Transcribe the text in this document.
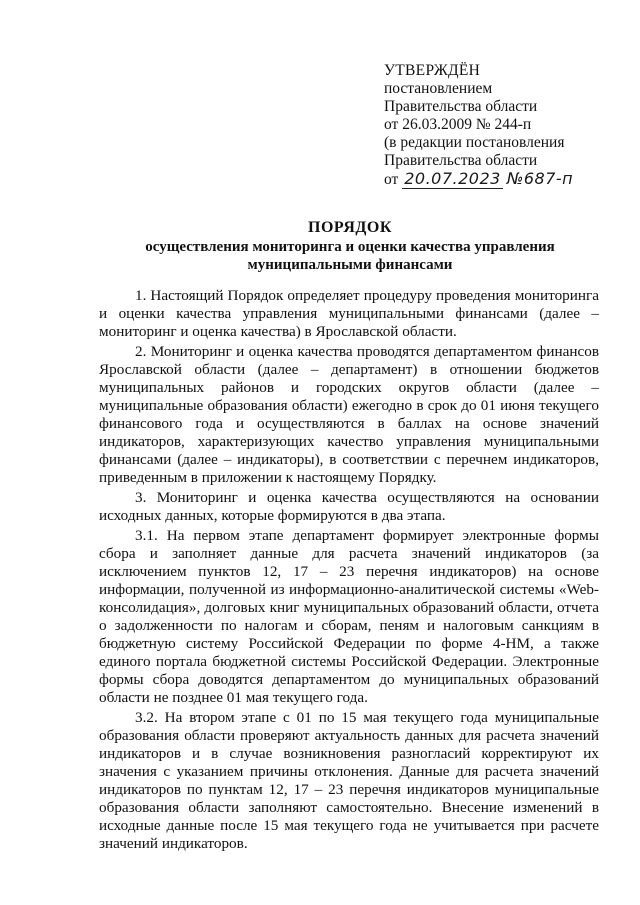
УТВЕРЖДЁН
постановлением
Правительства области
от 26.03.2009 № 244-п
(в редакции постановления
Правительства области
от 20.07.2023 №687-п
ПОРЯДОК
осуществления мониторинга и оценки качества управления
муниципальными финансами

1. Настоящий Порядок определяет процедуру проведения мониторинга и оценки качества управления муниципальными финансами (далее – мониторинг и оценка качества) в Ярославской области.

2. Мониторинг и оценка качества проводятся департаментом финансов Ярославской области (далее – департамент) в отношении бюджетов муниципальных районов и городских округов области (далее – муниципальные образования области) ежегодно в срок до 01 июня текущего финансового года и осуществляются в баллах на основе значений индикаторов, характеризующих качество управления муниципальными финансами (далее – индикаторы), в соответствии с перечнем индикаторов, приведенным в приложении к настоящему Порядку.

3. Мониторинг и оценка качества осуществляются на основании исходных данных, которые формируются в два этапа.

3.1. На первом этапе департамент формирует электронные формы сбора и заполняет данные для расчета значений индикаторов (за исключением пунктов 12, 17 – 23 перечня индикаторов) на основе информации, полученной из информационно-аналитической системы «Web-консолидация», долговых книг муниципальных образований области, отчета о задолженности по налогам и сборам, пеням и налоговым санкциям в бюджетную систему Российской Федерации по форме 4-НМ, а также единого портала бюджетной системы Российской Федерации. Электронные формы сбора доводятся департаментом до муниципальных образований области не позднее 01 мая текущего года.

3.2. На втором этапе с 01 по 15 мая текущего года муниципальные образования области проверяют актуальность данных для расчета значений индикаторов и в случае возникновения разногласий корректируют их значения с указанием причины отклонения. Данные для расчета значений индикаторов по пунктам 12, 17 – 23 перечня индикаторов муниципальные образования области заполняют самостоятельно. Внесение изменений в исходные данные после 15 мая текущего года не учитывается при расчете значений индикаторов.
